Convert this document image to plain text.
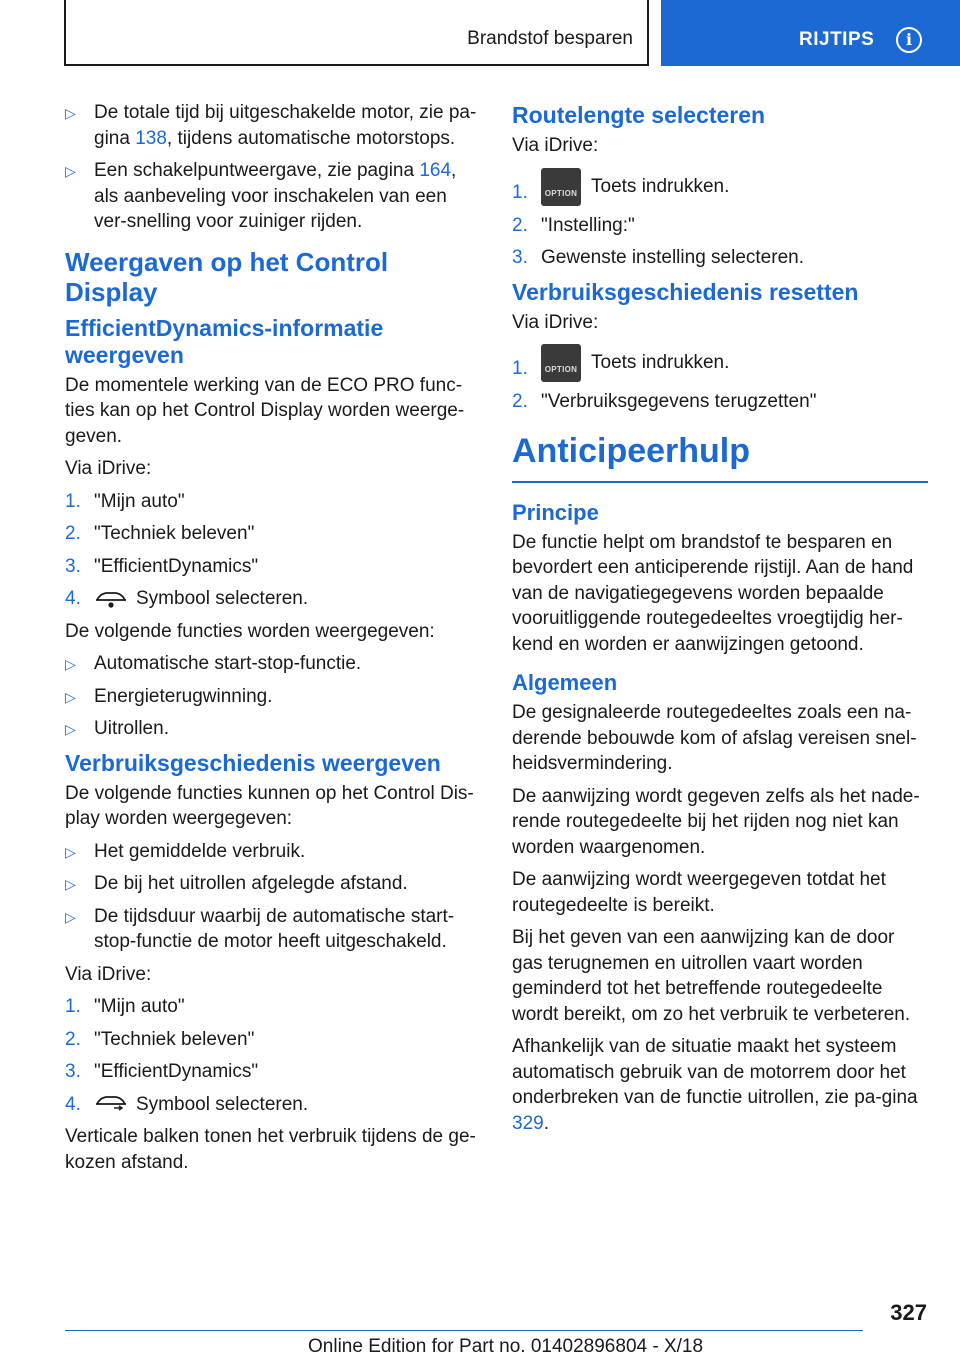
Brandstof besparen	RIJTIPS	i
▷ De totale tijd bij uitgeschakelde motor, zie pa-gina 138, tijdens automatische motorstops.
▷ Een schakelpuntweergave, zie pagina 164, als aanbeveling voor inschakelen van een ver-snelling voor zuiniger rijden.
Weergaven op het Control Display
EfficientDynamics-informatie weergeven

De momentele werking van de ECO PRO func-ties kan op het Control Display worden weerge-geven.

Via iDrive:

1. "Mijn auto"
2. "Techniek beleven"
3. "EfficientDynamics"
4.	Symbool selecteren.

De volgende functies worden weergegeven:

▷ Automatische start-stop-functie.
▷ Energieterugwinning.
▷ Uitrollen.
Verbruiksgeschiedenis weergeven

De volgende functies kunnen op het Control Dis-play worden weergegeven:

▷ Het gemiddelde verbruik.
▷ De bij het uitrollen afgelegde afstand.
▷ De tijdsduur waarbij de automatische start-stop-functie de motor heeft uitgeschakeld.

Via iDrive:

1. "Mijn auto"
2. "Techniek beleven"
3. "EfficientDynamics"
4.	Symbool selecteren.

Verticale balken tonen het verbruik tijdens de ge-kozen afstand.

Routelengte selecteren

Via iDrive:

1.	OPTION Toets indrukken.
2. "Instelling:"
3. Gewenste instelling selecteren.
Verbruiksgeschiedenis resetten

Via iDrive:

1.	OPTION Toets indrukken.
2. "Verbruiksgegevens terugzetten"
Anticipeerhulp
Principe

De functie helpt om brandstof te besparen en bevordert een anticiperende rijstijl. Aan de hand van de navigatiegegevens worden bepaalde vooruitliggende routegedeeltes vroegtijdig her-kend en worden er aanwijzingen getoond.

Algemeen

De gesignaleerde routegedeeltes zoals een na-derende bebouwde kom of afslag vereisen snel-heidsvermindering.

De aanwijzing wordt gegeven zelfs als het nade-rende routegedeelte bij het rijden nog niet kan worden waargenomen.

De aanwijzing wordt weergegeven totdat het routegedeelte is bereikt.

Bij het geven van een aanwijzing kan de door gas terugnemen en uitrollen vaart worden geminderd tot het betreffende routegedeelte wordt bereikt, om zo het verbruik te verbeteren.

Afhankelijk van de situatie maakt het systeem automatisch gebruik van de motorrem door het onderbreken van de functie uitrollen, zie pa-gina 329.

327
Online Edition for Part no. 01402896804 - X/18
